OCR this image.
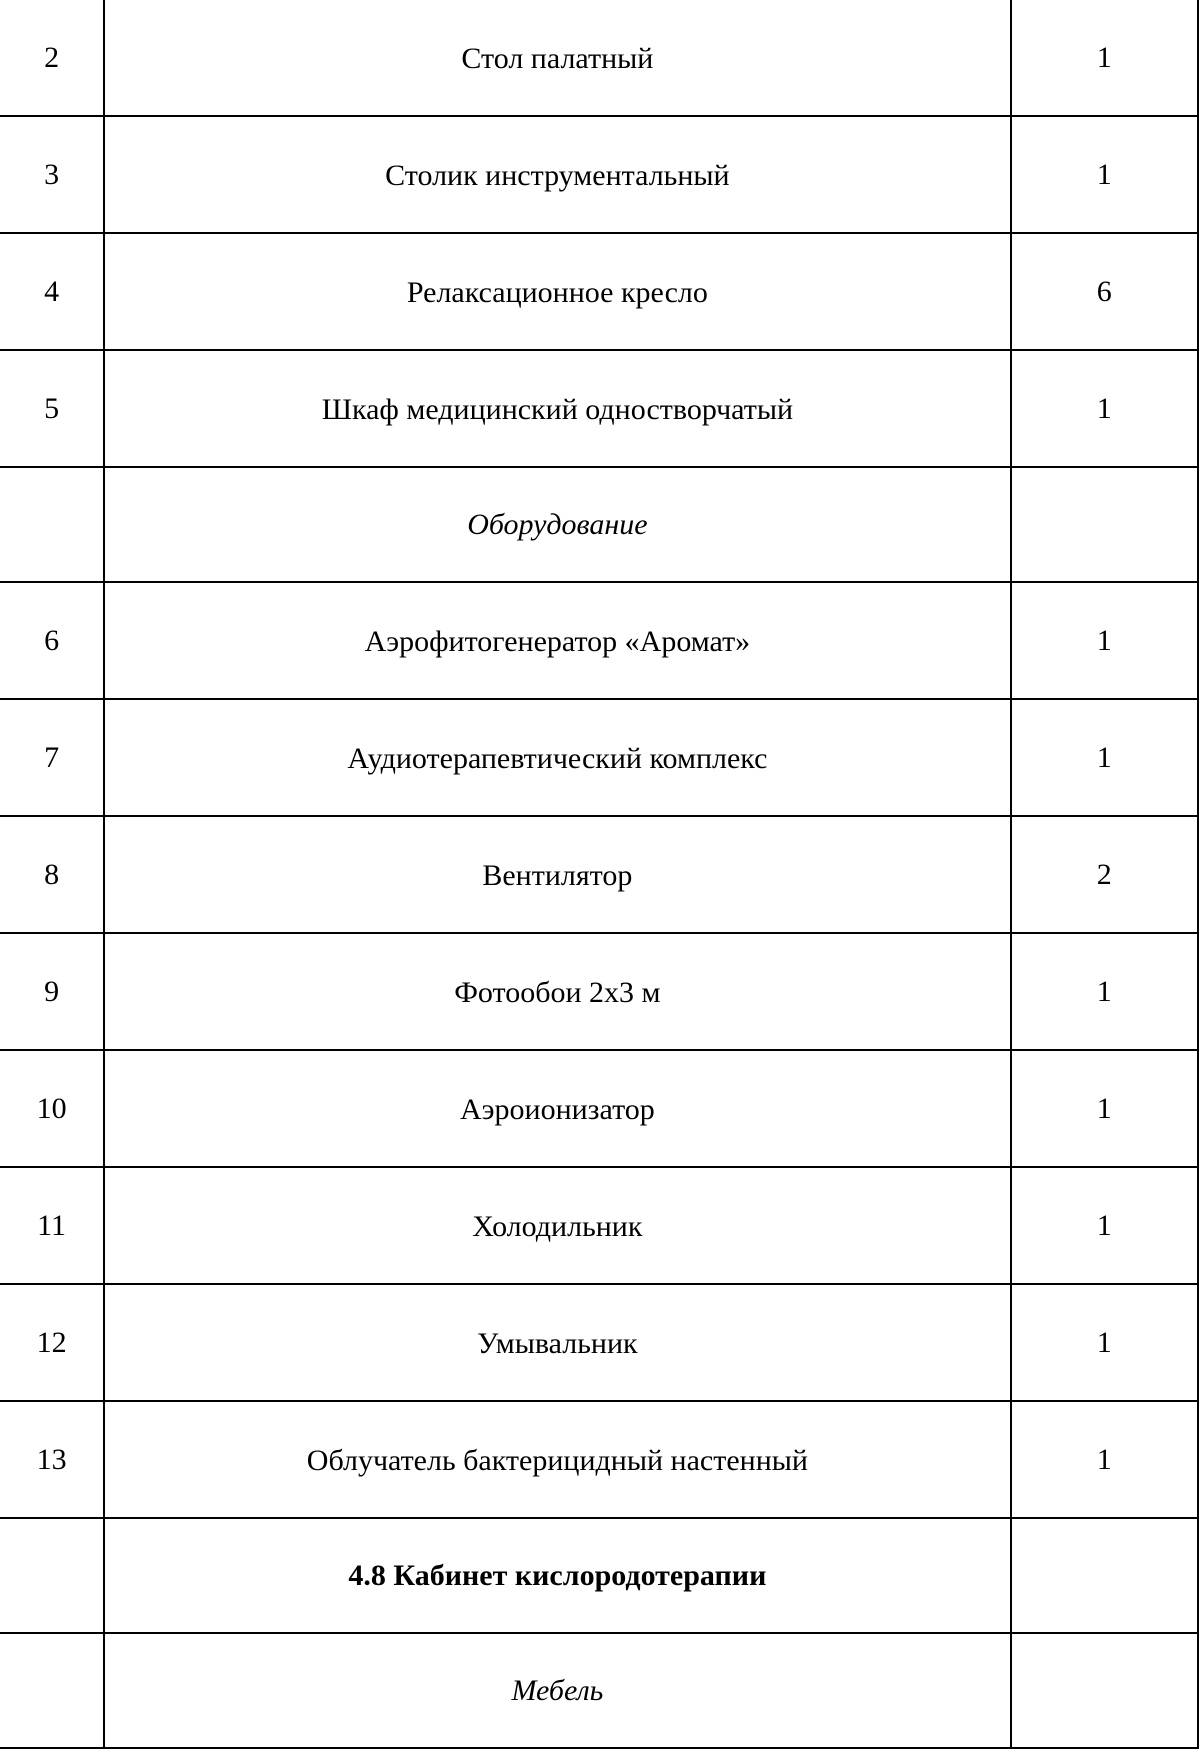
2	Стол палатный	1
3	Столик инструментальный	1
4	Релаксационное кресло	6
5	Шкаф медицинский одностворчатый	1
	Оборудование	
6	Аэрофитогенератор «Аромат»	1
7	Аудиотерапевтический комплекс	1
8	Вентилятор	2
9	Фотообои 2х3 м	1
10	Аэроионизатор	1
11	Холодильник	1
12	Умывальник	1
13	Облучатель бактерицидный настенный	1
	4.8 Кабинет кислородотерапии	
	Мебель	
